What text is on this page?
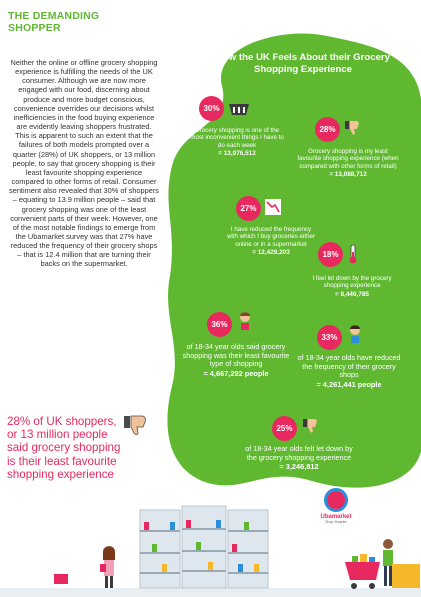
THE DEMANDING SHOPPER
Neither the online or offline grocery shopping experience is fulfilling the needs of the UK consumer. Although we are now more engaged with our food, discerning about produce and more budget conscious, convenience overrides our decisions whilst inefficiencies in the food buying experience are evidently leaving shoppers frustrated. This is apparent to such an extent that the failures of both models prompted over a quarter (28%) of UK shoppers, or 13 million people, to say that grocery shopping is their least favourite shopping experience compared to other forms of retail. Consumer sentiment also revealed that 30% of shoppers – equating to 13.9 million people – said that grocery shopping was one of the least convenient parts of their week. However, one of the most notable findings to emerge from the Ubamarket survey was that 27% have reduced the frequency of their grocery shops – that is 12.4 million that are turning their backs on the supermarket.
28% of UK shoppers, or 13 million people said grocery shopping is their least favourite shopping experience
How the UK Feels About their Grocery Shopping Experience
30%
Grocery shopping is one of the most inconvenient things I have to do each week
= 13,976,512
28%
Grocery shopping is my least favourite shopping experience (when compared with other forms of retail)
= 13,088,712
27%
I have reduced the frequency with which I buy groceries either online or in a supermarket
= 12,429,203	18%
I feel let down by the grocery shopping experience
= 8,446,785
36%
of 18-34 year olds said grocery shopping was their least favourite type of shopping
= 4,667,292 people
33%
of 18-34 year olds have reduced the frequency of their grocery shops
= 4,261,441 people
25%
of 18-34 year olds felt let down by the grocery shopping experience
= 3,246,812
Ubamarket
Shop Smarter
